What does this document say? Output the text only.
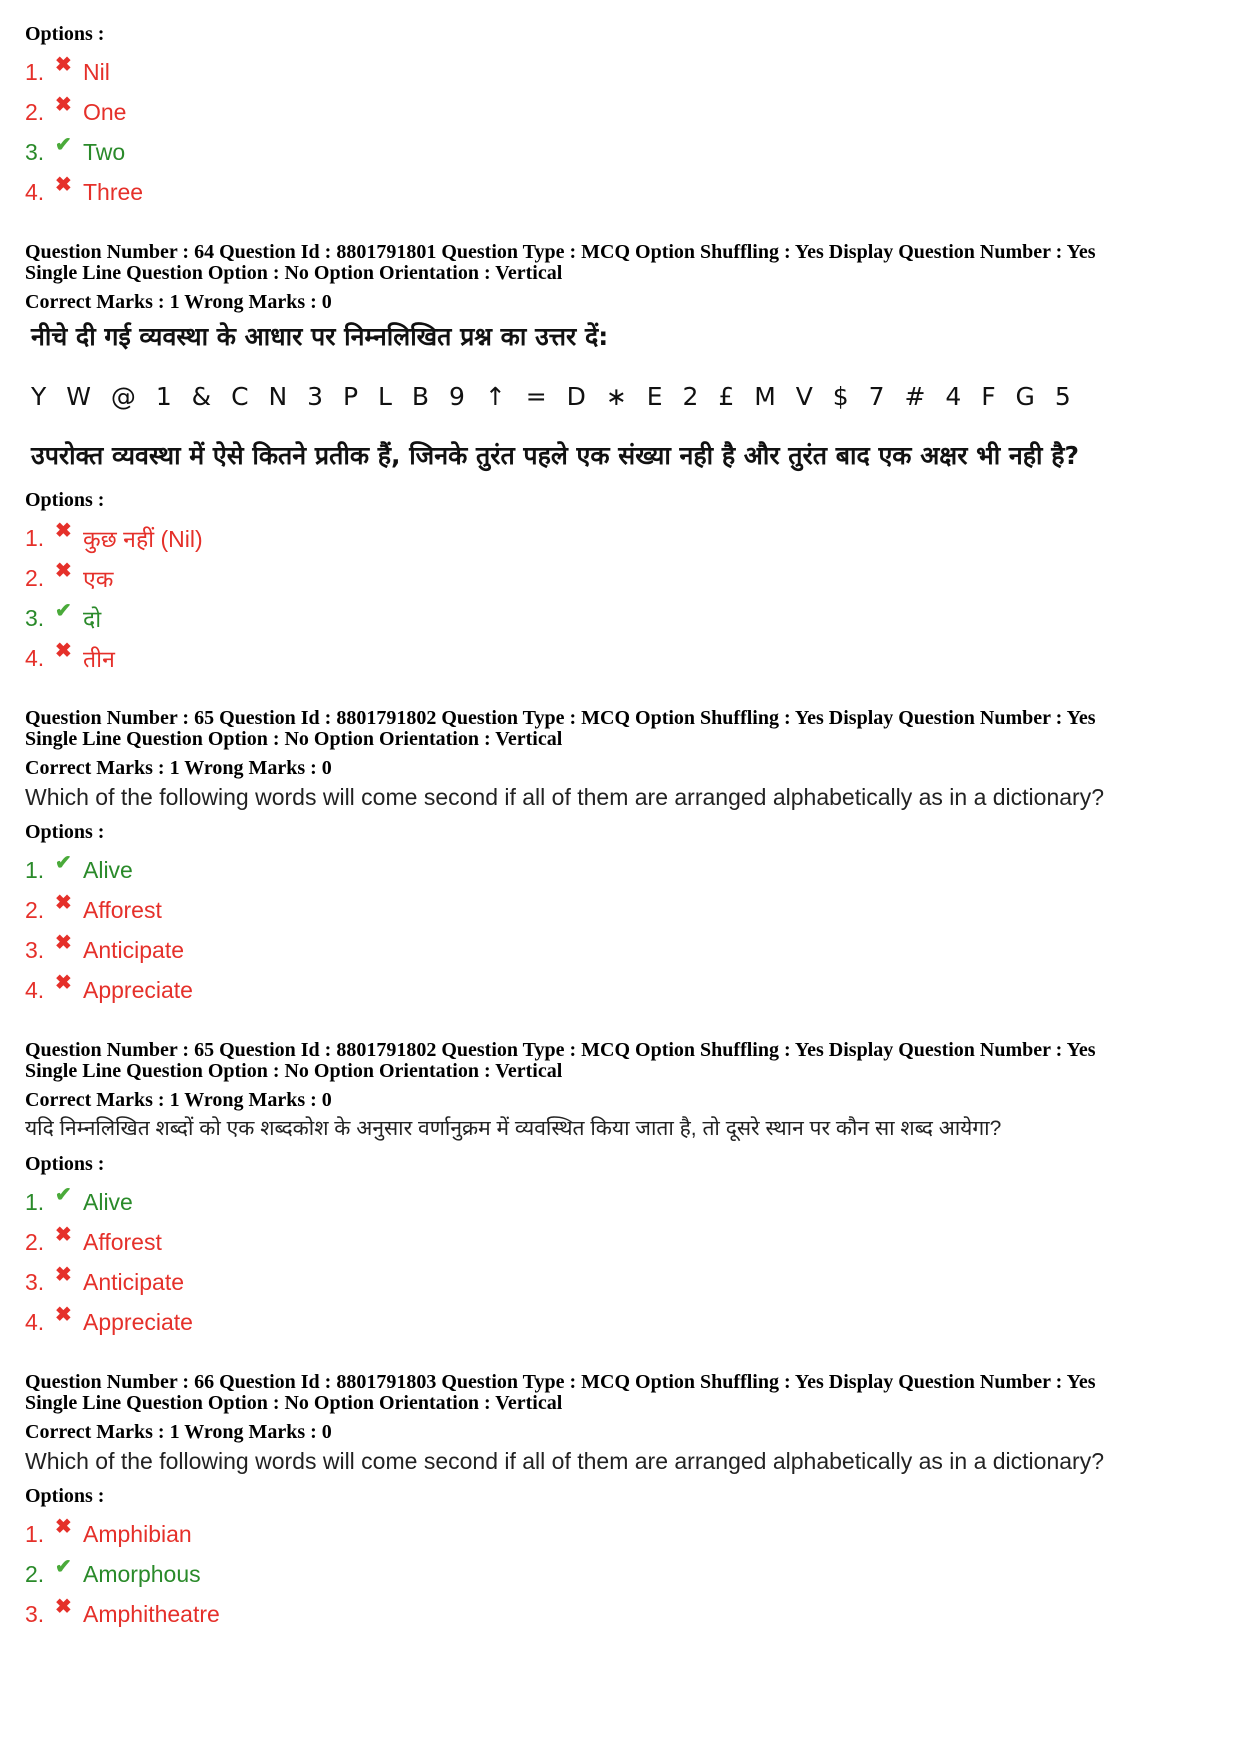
Options :
1. ✖ Nil
2. ✖ One
3. ✔ Two
4. ✖ Three
Question Number : 64 Question Id : 8801791801 Question Type : MCQ Option Shuffling : Yes Display Question Number : Yes
Single Line Question Option : No Option Orientation : Vertical
Correct Marks : 1 Wrong Marks : 0
नीचे दी गई व्यवस्था के आधार पर निम्नलिखित प्रश्न का उत्तर दें:
Y W @ 1 & C N 3 P L B 9 ↑ = D ∗ E 2 £ M V $ 7 # 4 F G 5
उपरोक्त व्यवस्था में ऐसे कितने प्रतीक हैं, जिनके तुरंत पहले एक संख्या नही है और तुरंत बाद एक अक्षर भी नही है?
Options :
1. ✖ कुछ नहीं (Nil)
2. ✖ एक
3. ✔ दो
4. ✖ तीन
Question Number : 65 Question Id : 8801791802 Question Type : MCQ Option Shuffling : Yes Display Question Number : Yes
Single Line Question Option : No Option Orientation : Vertical
Correct Marks : 1 Wrong Marks : 0
Which of the following words will come second if all of them are arranged alphabetically as in a dictionary?
Options :
1. ✔ Alive
2. ✖ Afforest
3. ✖ Anticipate
4. ✖ Appreciate
Question Number : 65 Question Id : 8801791802 Question Type : MCQ Option Shuffling : Yes Display Question Number : Yes
Single Line Question Option : No Option Orientation : Vertical
Correct Marks : 1 Wrong Marks : 0
यदि निम्नलिखित शब्दों को एक शब्दकोश के अनुसार वर्णानुक्रम में व्यवस्थित किया जाता है, तो दूसरे स्थान पर कौन सा शब्द आयेगा?
Options :
1. ✔ Alive
2. ✖ Afforest
3. ✖ Anticipate
4. ✖ Appreciate
Question Number : 66 Question Id : 8801791803 Question Type : MCQ Option Shuffling : Yes Display Question Number : Yes
Single Line Question Option : No Option Orientation : Vertical
Correct Marks : 1 Wrong Marks : 0
Which of the following words will come second if all of them are arranged alphabetically as in a dictionary?
Options :
1. ✖ Amphibian
2. ✔ Amorphous
3. ✖ Amphitheatre
